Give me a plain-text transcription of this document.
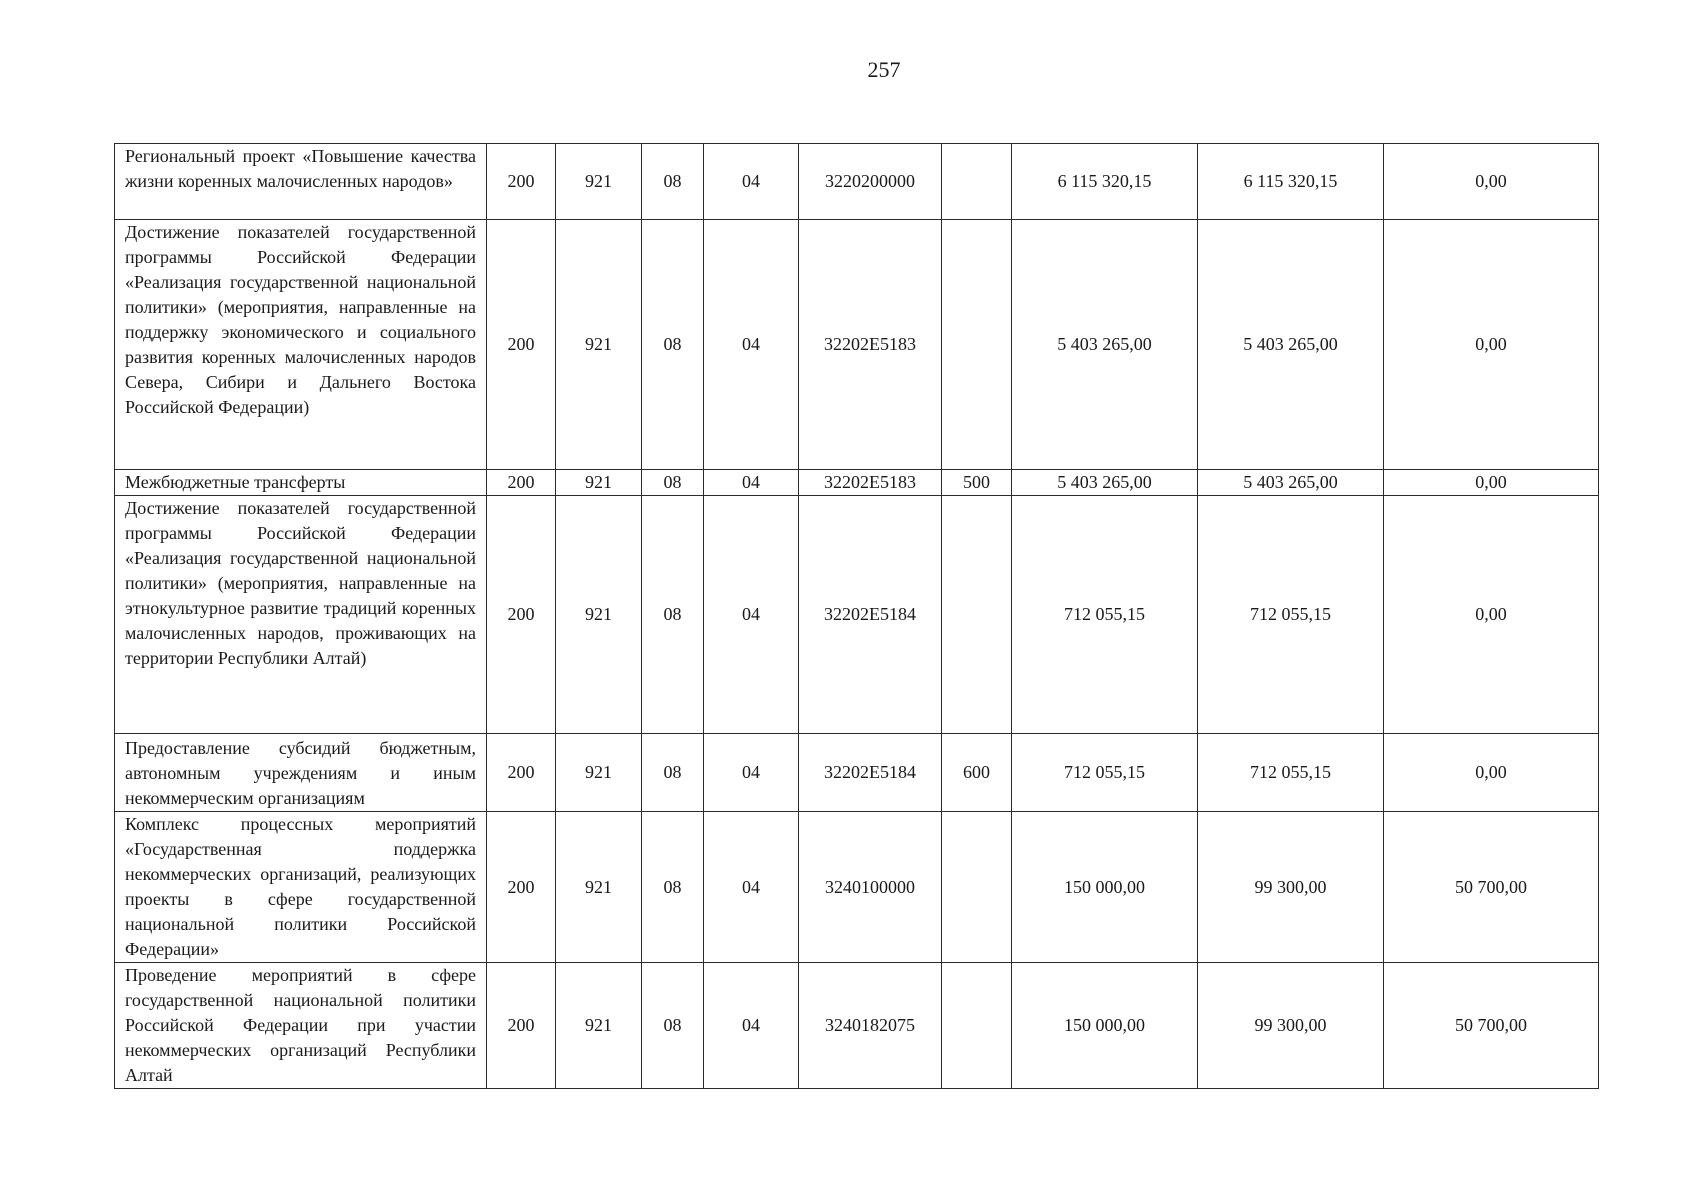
257
Региональный проект «Повышение качества жизни коренных малочисленных народов»	200	921	08	04	3220200000		6 115 320,15	6 115 320,15	0,00
Достижение показателей государственной программы Российской Федерации «Реализация государственной национальной политики» (мероприятия, направленные на поддержку экономического и социального развития коренных малочисленных народов Севера, Сибири и Дальнего Востока Российской Федерации)	200	921	08	04	32202Е5183		5 403 265,00	5 403 265,00	0,00
Межбюджетные трансферты	200	921	08	04	32202Е5183	500	5 403 265,00	5 403 265,00	0,00
Достижение показателей государственной программы Российской Федерации «Реализация государственной национальной политики» (мероприятия, направленные на этнокультурное развитие традиций коренных малочисленных народов, проживающих на территории Республики Алтай)	200	921	08	04	32202Е5184		712 055,15	712 055,15	0,00
Предоставление субсидий бюджетным, автономным учреждениям и иным некоммерческим организациям	200	921	08	04	32202Е5184	600	712 055,15	712 055,15	0,00
Комплекс процессных мероприятий «Государственная поддержка некоммерческих организаций, реализующих проекты в сфере государственной национальной политики Российской Федерации»	200	921	08	04	3240100000		150 000,00	99 300,00	50 700,00
Проведение мероприятий в сфере государственной национальной политики Российской Федерации при участии некоммерческих организаций Республики Алтай	200	921	08	04	3240182075		150 000,00	99 300,00	50 700,00
